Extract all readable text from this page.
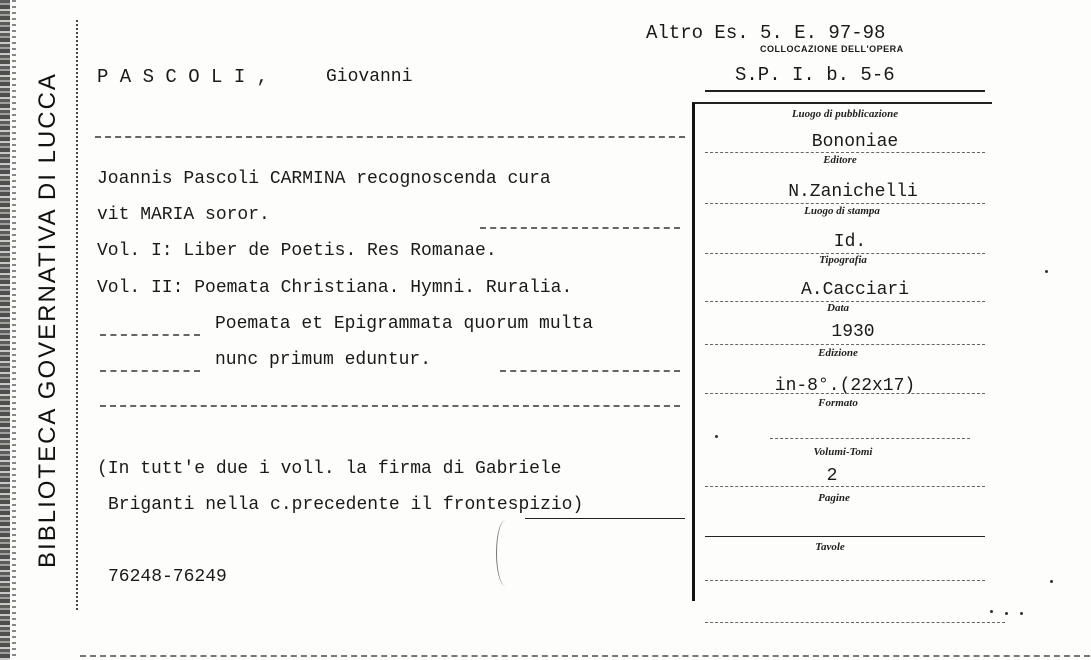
BIBLIOTECA GOVERNATIVA DI LUCCA
Altro Es. 5. E. 97-98
COLLOCAZIONE DELL'OPERA
S.P. I. b. 5-6
P A S C O L I ,	Giovanni
Joannis Pascoli CARMINA recognoscenda cura
vit MARIA soror.
Vol. I: Liber de Poetis. Res Romanae.
Vol. II: Poemata Christiana. Hymni. Ruralia.
Poemata et Epigrammata quorum multa
nunc primum eduntur.
(In tutt'e due i voll. la firma di Gabriele
Briganti nella c.precedente il frontespizio)
76248-76249
Luogo di pubblicazione
Bononiae
Editore
N.Zanichelli
Luogo di stampa
Id.
Tipografia
A.Cacciari
Data
1930
Edizione
in-8°.(22x17)
Formato
Volumi-Tomi
2
Pagine
Tavole
